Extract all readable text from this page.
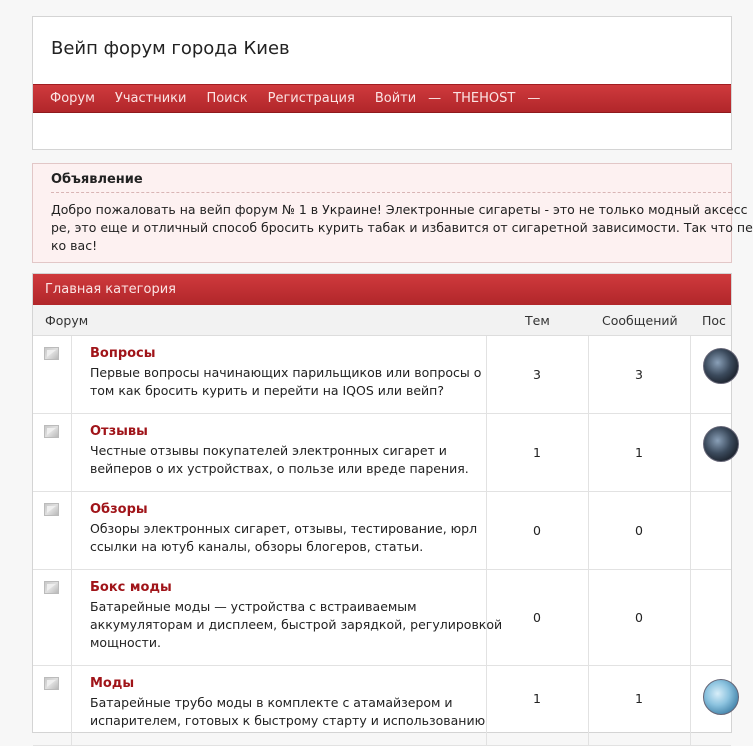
Вейп форум города Киев
Форум Участники Поиск Регистрация Войти — THEHOST —
Объявление
Добро пожаловать на вейп форум № 1 в Украине! Электронные сигареты - это не только модный аксесс
ре, это еще и отличный способ бросить курить табак и избавится от сигаретной зависимости. Так что пе
ко вас!
Главная категория
Форум	Тем	Сообщений Пос
Вопросы
Первые вопросы начинающих парильщиков или вопросы о
том как бросить курить и перейти на IQOS или вейп?
3	3
Отзывы
Честные отзывы покупателей электронных сигарет и
вейперов о их устройствах, о пользе или вреде парения.
1	1
Обзоры
Обзоры электронных сигарет, отзывы, тестирование, юрл
ссылки на ютуб каналы, обзоры блогеров, статьи.
0	0
Бокс моды
Батарейные моды — устройства с встраиваемым
аккумуляторам и дисплеем, быстрой зарядкой, регулировкой
мощности.
0	0
Моды
Батарейные трубо моды в комплекте с атамайзером и
испарителем, готовых к быстрому старту и использованию
1	1
